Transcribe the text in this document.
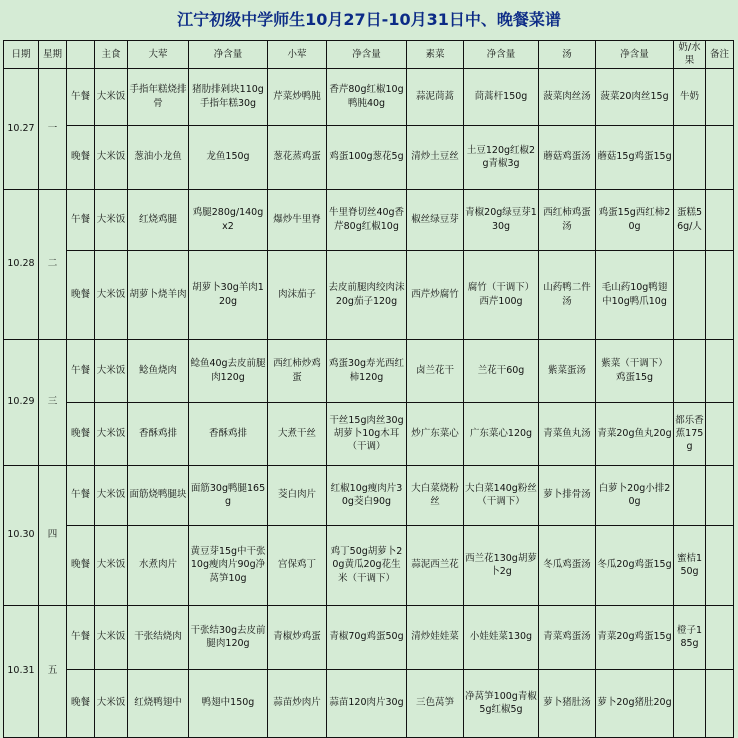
江宁初级中学师生10月27日-10月31日中、晚餐菜谱
日期	星期		主食	大荤	净含量	小荤	净含量	素菜	净含量	汤	净含量	奶/水果	备注
10.27	一	午餐	大米饭	手指年糕烧排骨	猪肋排剁块110g手指年糕30g	芹菜炒鸭肫	香芹80g红椒10g鸭肫40g	蒜泥茼蒿	茼蒿杆150g	菠菜肉丝汤	菠菜20肉丝15g	牛奶	
		晚餐	大米饭	葱油小龙鱼	龙鱼150g	葱花蒸鸡蛋	鸡蛋100g葱花5g	清炒土豆丝	土豆120g红椒2g青椒3g	蘑菇鸡蛋汤	蘑菇15g鸡蛋15g		
10.28	二	午餐	大米饭	红烧鸡腿	鸡腿280g/140gx2	爆炒牛里脊	牛里脊切丝40g香芹80g红椒10g	椒丝绿豆芽	青椒20g绿豆芽130g	西红柿鸡蛋汤	鸡蛋15g西红柿20g	蛋糕56g/人	
		晚餐	大米饭	胡萝卜烧羊肉	胡萝卜30g羊肉120g	肉沫茄子	去皮前腿肉绞肉沫20g茄子120g	西芹炒腐竹	腐竹（干调下）西芹100g	山药鸭二件汤	毛山药10g鸭翅中10g鸭爪10g		
10.29	三	午餐	大米饭	鲶鱼烧肉	鲶鱼40g去皮前腿肉120g	西红柿炒鸡蛋	鸡蛋30g寿光西红柿120g	卤兰花干	兰花干60g	紫菜蛋汤	紫菜（干调下）鸡蛋15g		
		晚餐	大米饭	香酥鸡排	香酥鸡排	大煮干丝	干丝15g肉丝30g胡萝卜10g木耳（干调）	炒广东菜心	广东菜心120g	青菜鱼丸汤	青菜20g鱼丸20g	都乐香蕉175g	
10.30	四	午餐	大米饭	面筋烧鸭腿块	面筋30g鸭腿165g	茭白肉片	红椒10g瘦肉片30g茭白90g	大白菜烧粉丝	大白菜140g粉丝（干调下）	萝卜排骨汤	白萝卜20g小排20g		
		晚餐	大米饭	水煮肉片	黄豆芽15g中干张10g瘦肉片90g净莴笋10g	宫保鸡丁	鸡丁50g胡萝卜20g黄瓜20g花生米（干调下）	蒜泥西兰花	西兰花130g胡萝卜2g	冬瓜鸡蛋汤	冬瓜20g鸡蛋15g	蜜桔150g	
10.31	五	午餐	大米饭	干张结烧肉	干张结30g去皮前腿肉120g	青椒炒鸡蛋	青椒70g鸡蛋50g	清炒娃娃菜	小娃娃菜130g	青菜鸡蛋汤	青菜20g鸡蛋15g	橙子185g	
		晚餐	大米饭	红烧鸭翅中	鸭翅中150g	蒜苗炒肉片	蒜苗120肉片30g	三色莴笋	净莴笋100g青椒5g红椒5g	萝卜猪肚汤	萝卜20g猪肚20g		
